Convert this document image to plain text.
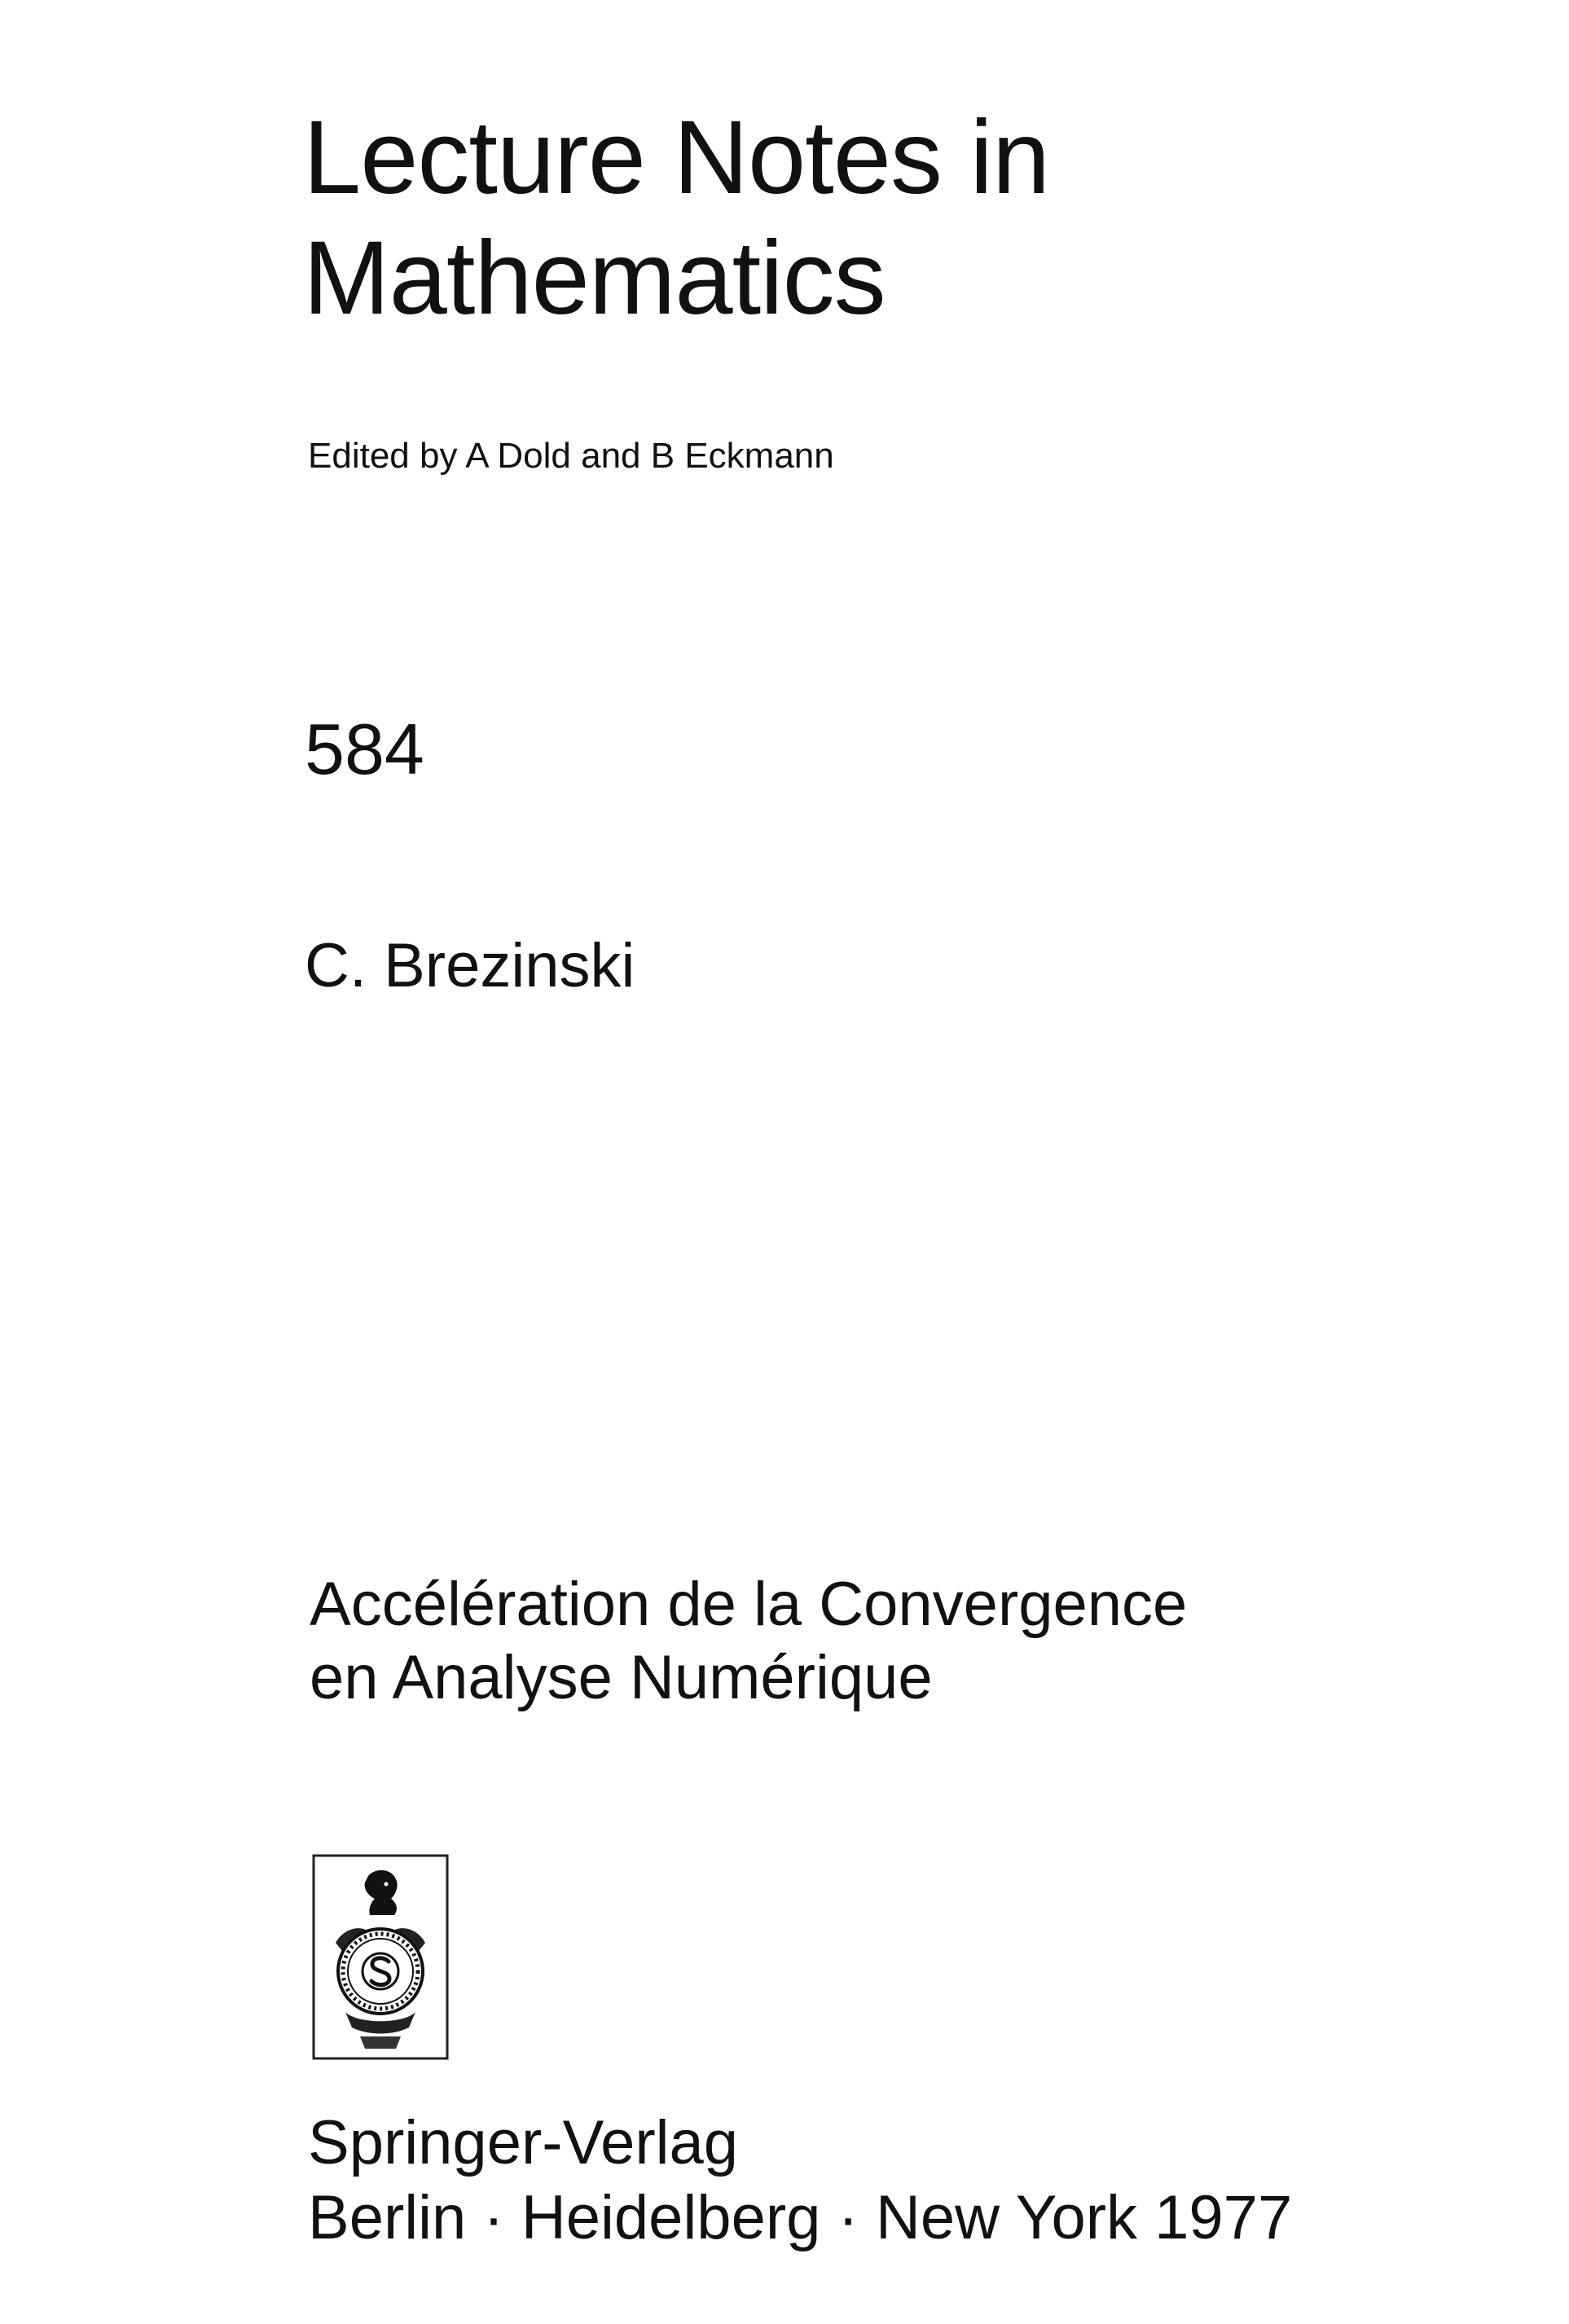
Lecture Notes in
Mathematics

Edited by A Dold and B Eckmann

584

C. Brezinski

Accélération de la Convergence
en Analyse Numérique
Springer-Verlag
Berlin · Heidelberg · New York 1977
